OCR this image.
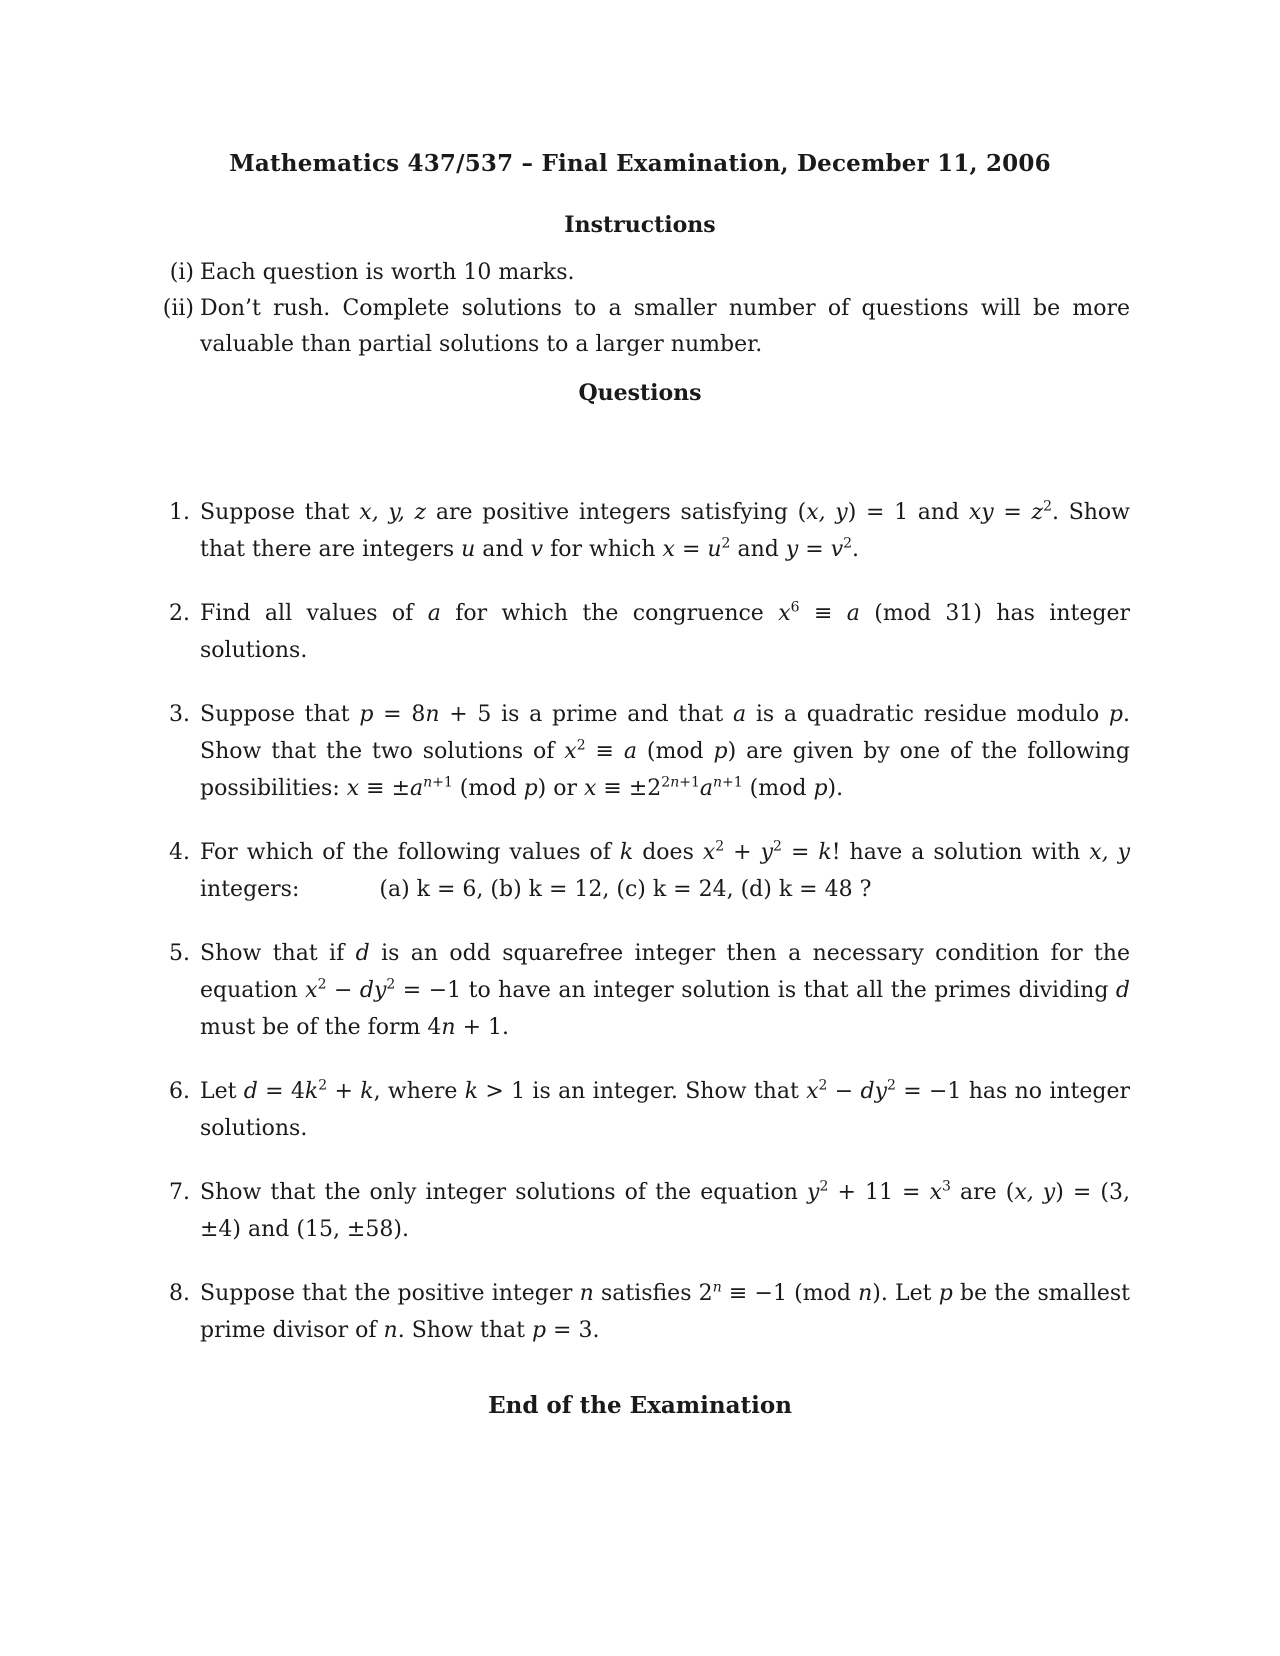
Mathematics 437/537 – Final Examination, December 11, 2006
Instructions
(i) Each question is worth 10 marks.
(ii) Don’t rush. Complete solutions to a smaller number of questions will be more valuable than partial solutions to a larger number.
Questions
1. Suppose that x, y, z are positive integers satisfying (x, y) = 1 and xy = $z^2$. Show that there are integers u and v for which $x = u^2$ and $y = v^2$.
2. Find all values of a for which the congruence $x^6 \equiv a$ (mod 31) has integer solutions.
3. Suppose that p = 8n + 5 is a prime and that a is a quadratic residue modulo p. Show that the two solutions of $x^2 \equiv a$ (mod p) are given by one of the following possibilities: $x \equiv \pm a^{n+1}$ (mod p) or $x \equiv \pm 2^{2n+1}a^{n+1}$ (mod p).
4. For which of the following values of k does $x^2 + y^2 = k$! have a solution with x, y integers:	(a) k = 6, (b) k = 12, (c) k = 24, (d) k = 48 ?
5. Show that if d is an odd squarefree integer then a necessary condition for the equation $x^2 - dy^2 = -1$ to have an integer solution is that all the primes dividing d must be of the form 4n + 1.
6. Let $d = 4k^2 + k$, where k > 1 is an integer. Show that $x^2 - dy^2 = -1$ has no integer solutions.
7. Show that the only integer solutions of the equation $y^2 + 11 = x^3$ are (x, y) = (3, ±4) and (15, ±58).
8. Suppose that the positive integer n satisfies $2^n \equiv -1$ (mod n). Let p be the smallest prime divisor of n. Show that p = 3.
End of the Examination
